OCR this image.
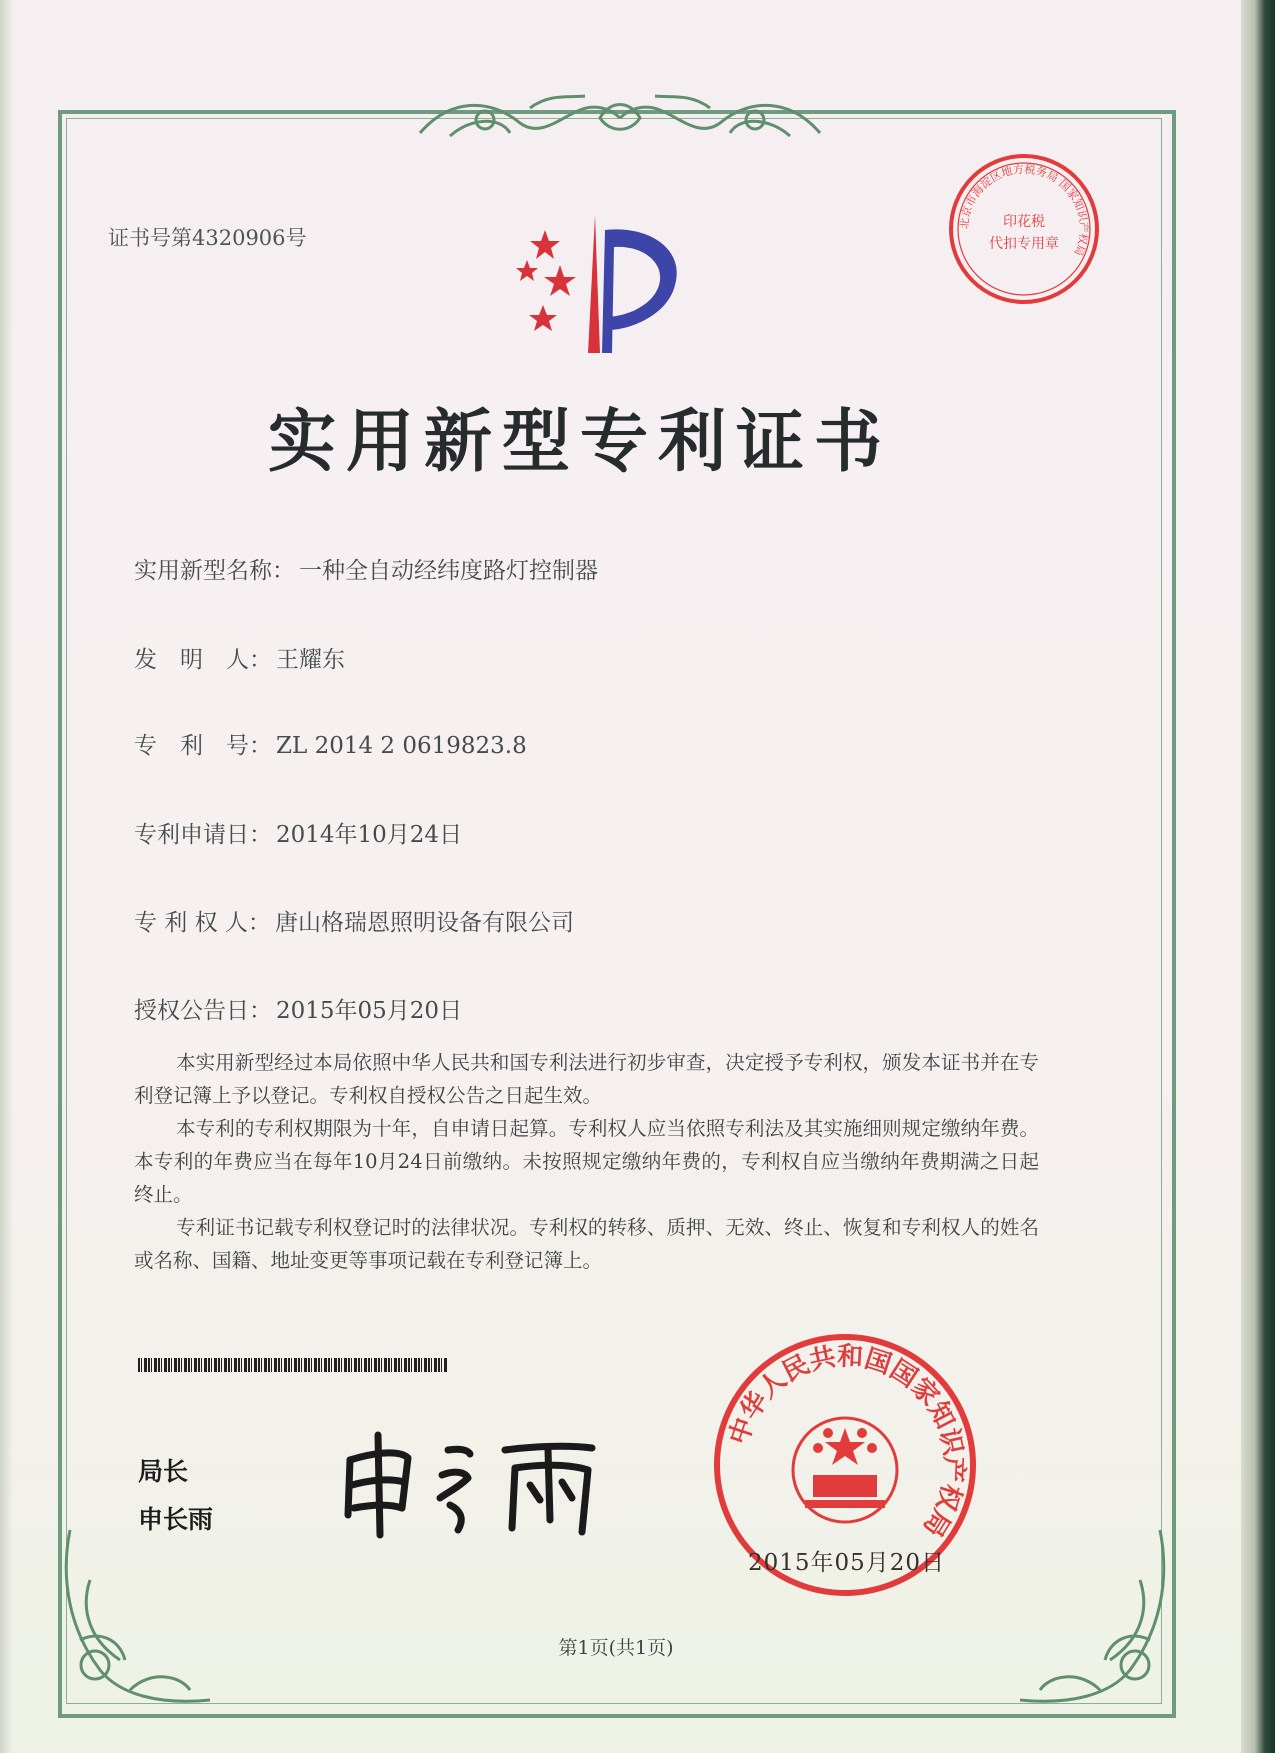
证书号第4320906号
北京市海淀区地方税务局 国家知识产权局
印花税
代扣专用章
实用新型专利证书
实用新型名称： 一种全自动经纬度路灯控制器
发　明　人： 王耀东
专　利　号： ZL 2014 2 0619823.8
专利申请日： 2014年10月24日
专 利 权 人： 唐山格瑞恩照明设备有限公司
授权公告日： 2015年05月20日

本实用新型经过本局依照中华人民共和国专利法进行初步审查，决定授予专利权，颁发本证书并在专利登记簿上予以登记。专利权自授权公告之日起生效。

本专利的专利权期限为十年，自申请日起算。专利权人应当依照专利法及其实施细则规定缴纳年费。本专利的年费应当在每年10月24日前缴纳。未按照规定缴纳年费的，专利权自应当缴纳年费期满之日起终止。

专利证书记载专利权登记时的法律状况。专利权的转移、质押、无效、终止、恢复和专利权人的姓名或名称、国籍、地址变更等事项记载在专利登记簿上。

局长
申长雨
中华人民共和国国家知识产权局
2015年05月20日
第1页(共1页)
